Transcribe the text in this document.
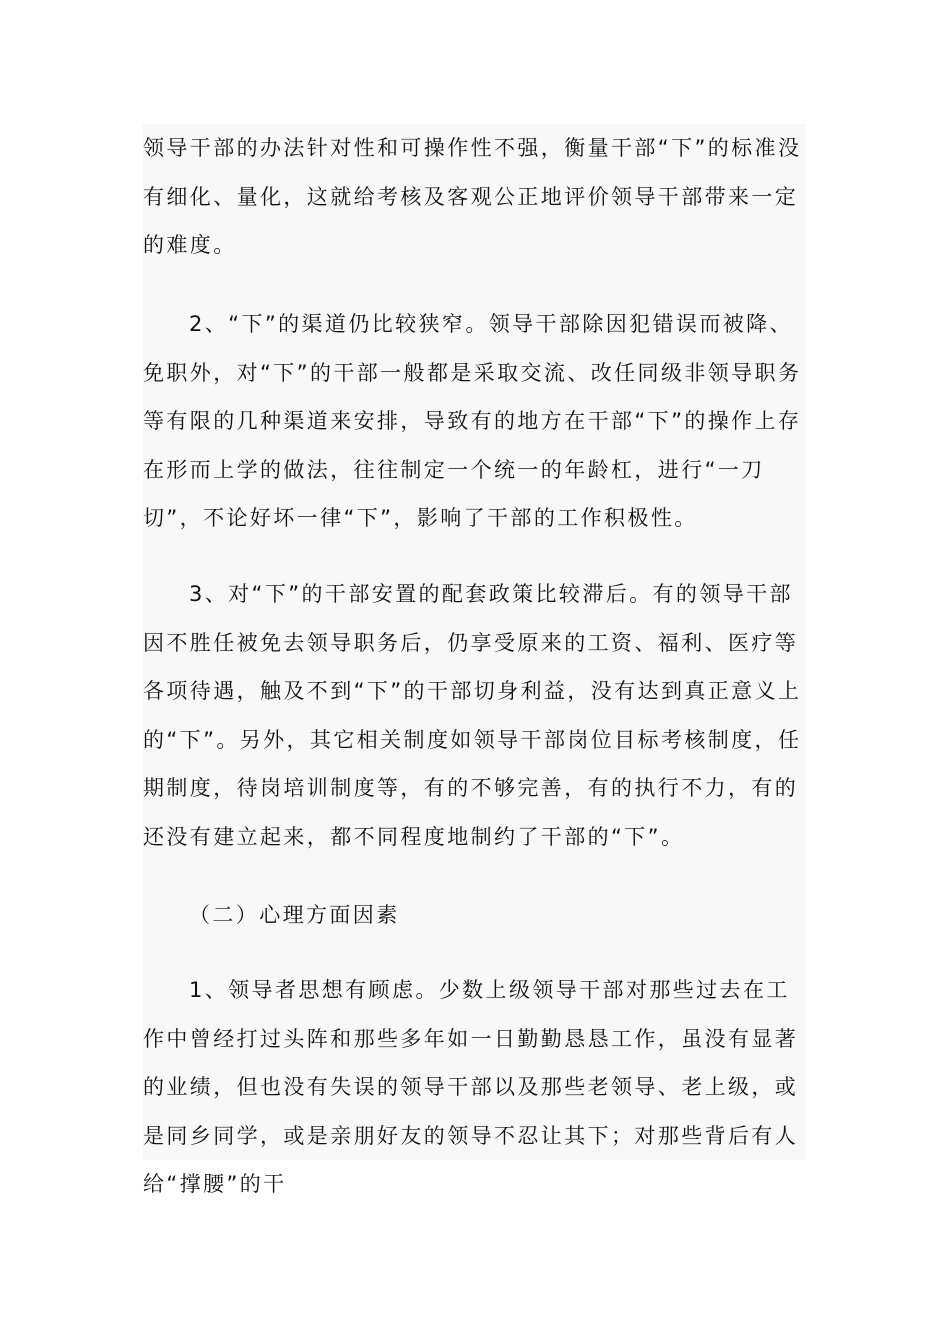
领导干部的办法针对性和可操作性不强，衡量干部“下”的标准没有细化、量化，这就给考核及客观公正地评价领导干部带来一定的难度。

2、“下”的渠道仍比较狭窄。领导干部除因犯错误而被降、免职外，对“下”的干部一般都是采取交流、改任同级非领导职务等有限的几种渠道来安排，导致有的地方在干部“下”的操作上存在形而上学的做法，往往制定一个统一的年龄杠，进行“一刀切”，不论好坏一律“下”，影响了干部的工作积极性。

3、对“下”的干部安置的配套政策比较滞后。有的领导干部因不胜任被免去领导职务后，仍享受原来的工资、福利、医疗等各项待遇，触及不到“下”的干部切身利益，没有达到真正意义上的“下”。另外，其它相关制度如领导干部岗位目标考核制度，任期制度，待岗培训制度等，有的不够完善，有的执行不力，有的还没有建立起来，都不同程度地制约了干部的“下”。

（二）心理方面因素

1、领导者思想有顾虑。少数上级领导干部对那些过去在工作中曾经打过头阵和那些多年如一日勤勤恳恳工作，虽没有显著的业绩，但也没有失误的领导干部以及那些老领导、老上级，或是同乡同学，或是亲朋好友的领导不忍让其下；对那些背后有人给“撑腰”的干
